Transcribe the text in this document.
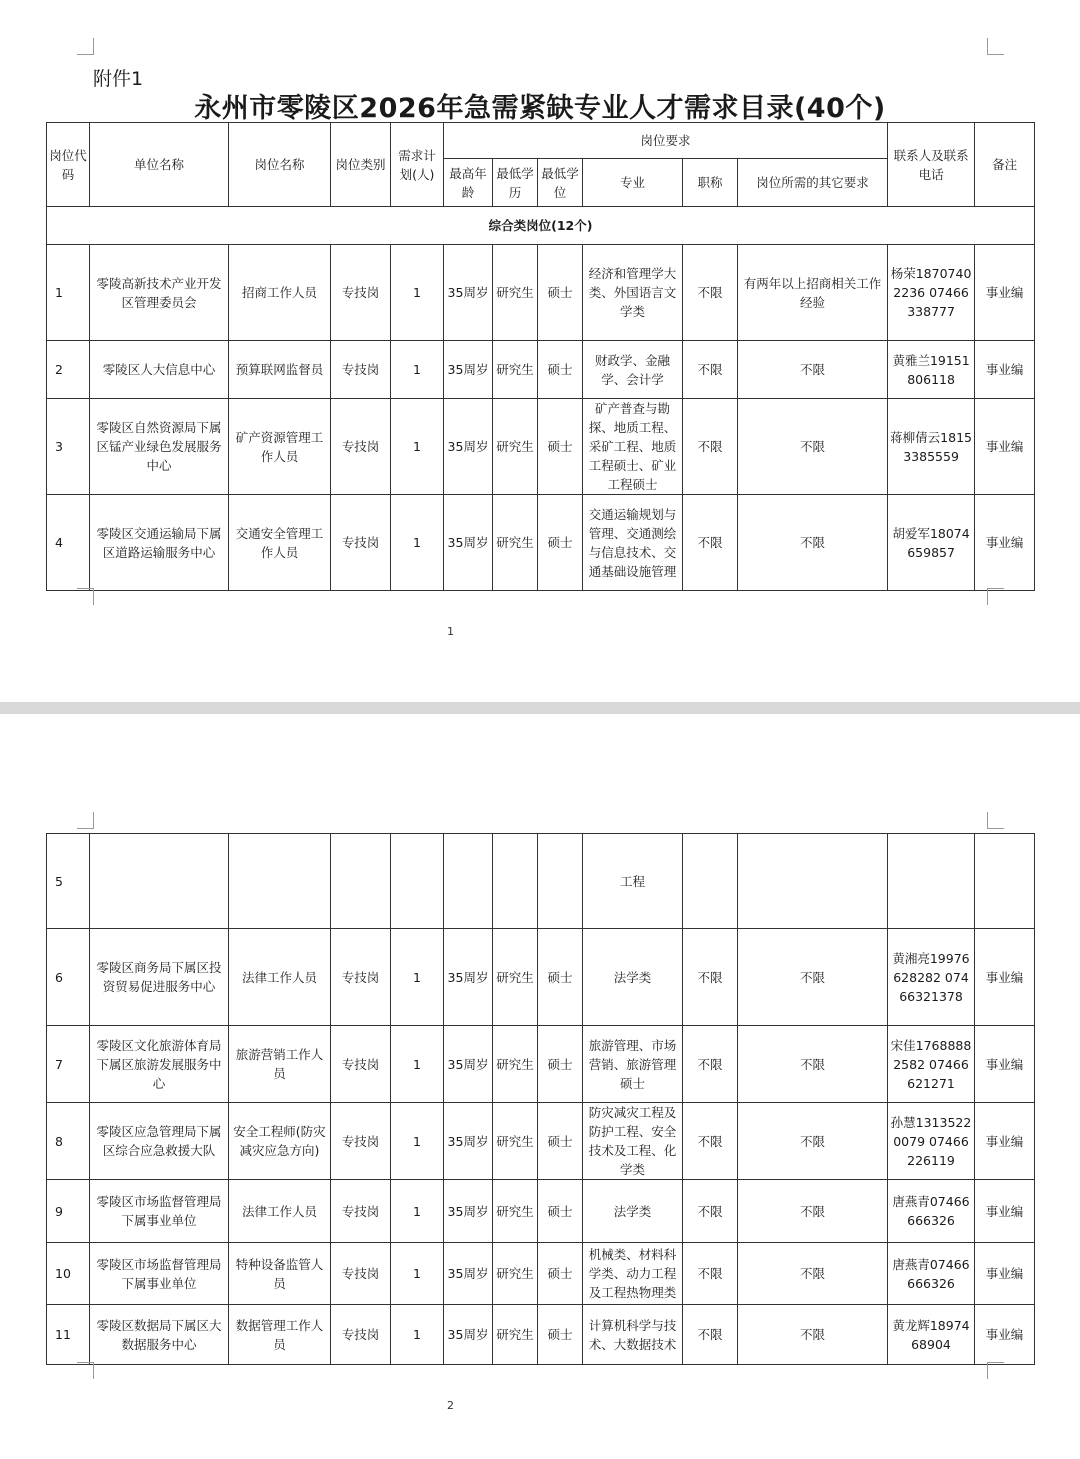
附件1
永州市零陵区2026年急需紧缺专业人才需求目录(40个)
岗位代码	单位名称	岗位名称	岗位类别	需求计划(人)	岗位要求						联系人及联系电话	备注
					最高年龄	最低学历	最低学位	专业	职称	岗位所需的其它要求		
综合类岗位(12个)												
1	零陵高新技术产业开发区管理委员会	招商工作人员	专技岗	1	35周岁	研究生	硕士	经济和管理学大类、外国语言文学类	不限	有两年以上招商相关工作经验	杨荣18707402236 07466338777	事业编
2	零陵区人大信息中心	预算联网监督员	专技岗	1	35周岁	研究生	硕士	财政学、金融学、会计学	不限	不限	黄雅兰19151806118	事业编
3	零陵区自然资源局下属区锰产业绿色发展服务中心	矿产资源管理工作人员	专技岗	1	35周岁	研究生	硕士	矿产普查与勘探、地质工程、采矿工程、地质工程硕士、矿业工程硕士	不限	不限	蒋柳倩云18153385559	事业编
4	零陵区交通运输局下属区道路运输服务中心	交通安全管理工作人员	专技岗	1	35周岁	研究生	硕士	交通运输规划与管理、交通测绘与信息技术、交通基础设施管理	不限	不限	胡爱军18074659857	事业编
1
5								工程				
6	零陵区商务局下属区投资贸易促进服务中心	法律工作人员	专技岗	1	35周岁	研究生	硕士	法学类	不限	不限	黄湘亮19976628282 07466321378	事业编
7	零陵区文化旅游体育局下属区旅游发展服务中心	旅游营销工作人员	专技岗	1	35周岁	研究生	硕士	旅游管理、市场营销、旅游管理硕士	不限	不限	宋佳17688882582 07466621271	事业编
8	零陵区应急管理局下属区综合应急救援大队	安全工程师(防灾减灾应急方向)	专技岗	1	35周岁	研究生	硕士	防灾减灾工程及防护工程、安全技术及工程、化学类	不限	不限	孙慧13135220079 07466226119	事业编
9	零陵区市场监督管理局下属事业单位	法律工作人员	专技岗	1	35周岁	研究生	硕士	法学类	不限	不限	唐燕青07466666326	事业编
10	零陵区市场监督管理局下属事业单位	特种设备监管人员	专技岗	1	35周岁	研究生	硕士	机械类、材料科学类、动力工程及工程热物理类	不限	不限	唐燕青07466666326	事业编
11	零陵区数据局下属区大数据服务中心	数据管理工作人员	专技岗	1	35周岁	研究生	硕士	计算机科学与技术、大数据技术	不限	不限	黄龙辉1897468904	事业编
2
